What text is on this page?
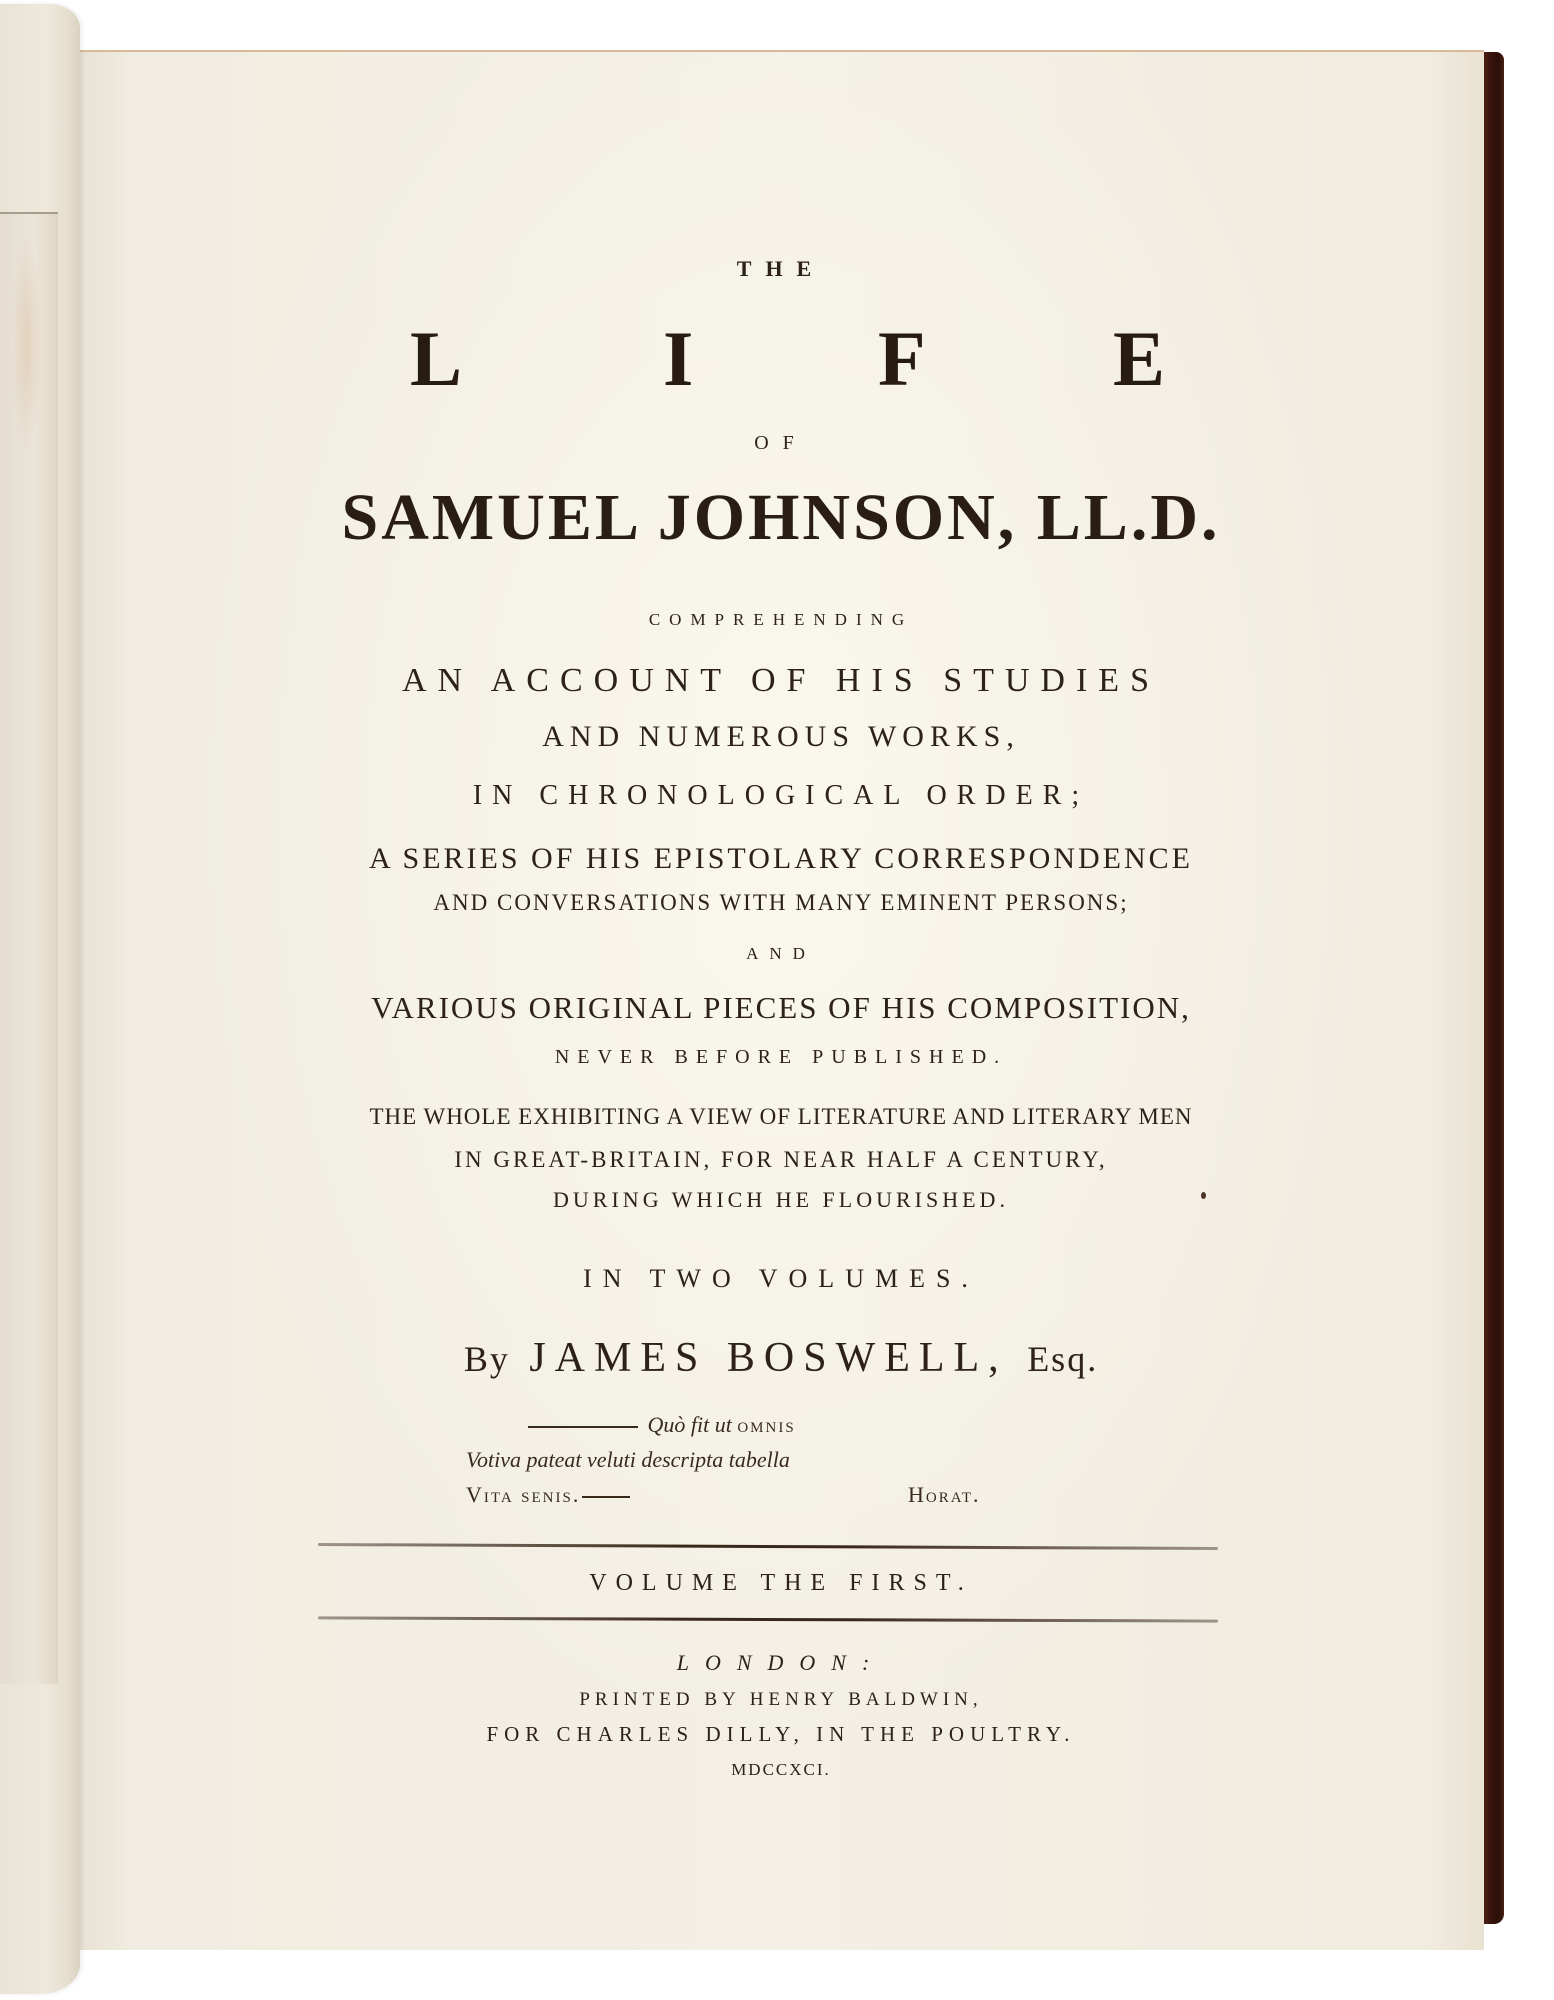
THE
L	I F E
OF
SAMUEL JOHNSON, LL.D.
COMPREHENDING
AN ACCOUNT OF HIS STUDIES
AND NUMEROUS WORKS,
IN CHRONOLOGICAL ORDER;
A SERIES OF HIS EPISTOLARY CORRESPONDENCE
AND CONVERSATIONS WITH MANY EMINENT PERSONS;
AND
VARIOUS ORIGINAL PIECES OF HIS COMPOSITION,
NEVER BEFORE PUBLISHED.
THE WHOLE EXHIBITING A VIEW OF LITERATURE AND LITERARY MEN
IN GREAT-BRITAIN, FOR NEAR HALF A CENTURY,
DURING WHICH HE FLOURISHED.
IN TWO VOLUMES.
By JAMES BOSWELL, Esq.
Quò fit ut omnis
Votiva pateat veluti descripta tabella
Vita senis.	Horat.
VOLUME THE FIRST.
LONDON:
PRINTED BY HENRY BALDWIN,
FOR CHARLES DILLY, IN THE POULTRY.
MDCCXCI.
